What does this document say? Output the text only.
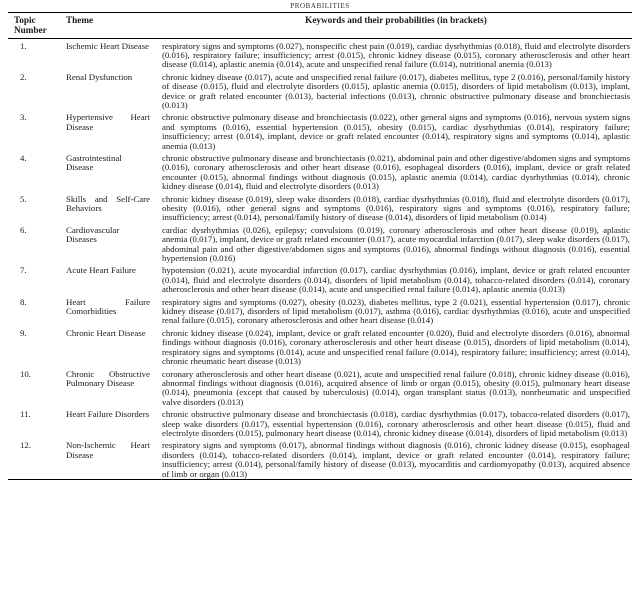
PROBABILITIES
Topic Number	Theme	Keywords and their probabilities (in brackets)
1.	Ischemic Heart Disease	respiratory signs and symptoms (0.027), nonspecific chest pain (0.019), cardiac dysrhythmias (0.018), fluid and electrolyte disorders (0.016), respiratory failure; insufficiency; arrest (0.015), chronic kidney disease (0.015), coronary atherosclerosis and other heart disease (0.014), aplastic anemia (0.014), acute and unspecified renal failure (0.014), nutritional anemia (0.013)
2.	Renal Dysfunction	chronic kidney disease (0.017), acute and unspecified renal failure (0.017), diabetes mellitus, type 2 (0.016), personal/family history of disease (0.015), fluid and electrolyte disorders (0.015), aplastic anemia (0.015), disorders of lipid metabolism (0.013), implant, device or graft related encounter (0.013), bacterial infections (0.013), chronic obstructive pulmonary disease and bronchiectasis (0.013)
3.	Hypertensive Heart Disease	chronic obstructive pulmonary disease and bronchiectasis (0.022), other general signs and symptoms (0.016), nervous system signs and symptoms (0.016), essential hypertension (0.015), obesity (0.015), cardiac dysrhythmias (0.014), respiratory failure; insufficiency; arrest (0.014), implant, device or graft related encounter (0.014), respiratory signs and symptoms (0.014), aplastic anemia (0.013)
4.	Gastrointestinal Disease	chronic obstructive pulmonary disease and bronchiectasis (0.021), abdominal pain and other digestive/abdomen signs and symptoms (0.016), coronary atherosclerosis and other heart disease (0.016), esophageal disorders (0.016), implant, device or graft related encounter (0.015), abnormal findings without diagnosis (0.015), aplastic anemia (0.014), cardiac dysrhythmias (0.014), chronic kidney disease (0.014), fluid and electrolyte disorders (0.013)
5.	Skills and Self-Care Behaviors	chronic kidney disease (0.019), sleep wake disorders (0.018), cardiac dysrhythmias (0.018), fluid and electrolyte disorders (0.017), obesity (0.016), other general signs and symptoms (0.016), respiratory signs and symptoms (0.016), respiratory failure; insufficiency; arrest (0.014), personal/family history of disease (0.014), disorders of lipid metabolism (0.014)
6.	Cardiovascular Diseases	cardiac dysrhythmias (0.026), epilepsy; convulsions (0.019), coronary atherosclerosis and other heart disease (0.019), aplastic anemia (0.017), implant, device or graft related encounter (0.017), acute myocardial infarction (0.017), sleep wake disorders (0.017), abdominal pain and other digestive/abdomen signs and symptoms (0.016), abnormal findings without diagnosis (0.016), essential hypertension (0.016)
7.	Acute Heart Failure	hypotension (0.021), acute myocardial infarction (0.017), cardiac dysrhythmias (0.016), implant, device or graft related encounter (0.014), fluid and electrolyte disorders (0.014), disorders of lipid metabolism (0.014), tobacco-related disorders (0.014), coronary atherosclerosis and other heart disease (0.014), acute and unspecified renal failure (0.014), aplastic anemia (0.013)
8.	Heart Failure Comorbidities	respiratory signs and symptoms (0.027), obesity (0.023), diabetes mellitus, type 2 (0.021), essential hypertension (0.017), chronic kidney disease (0.017), disorders of lipid metabolism (0.017), asthma (0.016), cardiac dysrhythmias (0.016), acute and unspecified renal failure (0.015), coronary atherosclerosis and other heart disease (0.014)
9.	Chronic Heart Disease	chronic kidney disease (0.024), implant, device or graft related encounter (0.020), fluid and electrolyte disorders (0.016), abnormal findings without diagnosis (0.016), coronary atherosclerosis and other heart disease (0.015), disorders of lipid metabolism (0.014), respiratory signs and symptoms (0.014), acute and unspecified renal failure (0.014), respiratory failure; insufficiency; arrest (0.014), chronic rheumatic heart disease (0.013)
10.	Chronic Obstructive Pulmonary Disease	coronary atherosclerosis and other heart disease (0.021), acute and unspecified renal failure (0.018), chronic kidney disease (0.016), abnormal findings without diagnosis (0.016), acquired absence of limb or organ (0.015), obesity (0.015), pulmonary heart disease (0.014), pneumonia (except that caused by tuberculosis) (0.014), organ transplant status (0.013), nonrheumatic and unspecified valve disorders (0.013)
11.	Heart Failure Disorders	chronic obstructive pulmonary disease and bronchiectasis (0.018), cardiac dysrhythmias (0.017), tobacco-related disorders (0.017), sleep wake disorders (0.017), essential hypertension (0.016), coronary atherosclerosis and other heart disease (0.015), fluid and electrolyte disorders (0.015), pulmonary heart disease (0.014), chronic kidney disease (0.014), disorders of lipid metabolism (0.013)
12.	Non-Ischemic Heart Disease	respiratory signs and symptoms (0.017), abnormal findings without diagnosis (0.016), chronic kidney disease (0.015), esophageal disorders (0.014), tobacco-related disorders (0.014), implant, device or graft related encounter (0.014), respiratory failure; insufficiency; arrest (0.014), personal/family history of disease (0.013), myocarditis and cardiomyopathy (0.013), acquired absence of limb or organ (0.013)
